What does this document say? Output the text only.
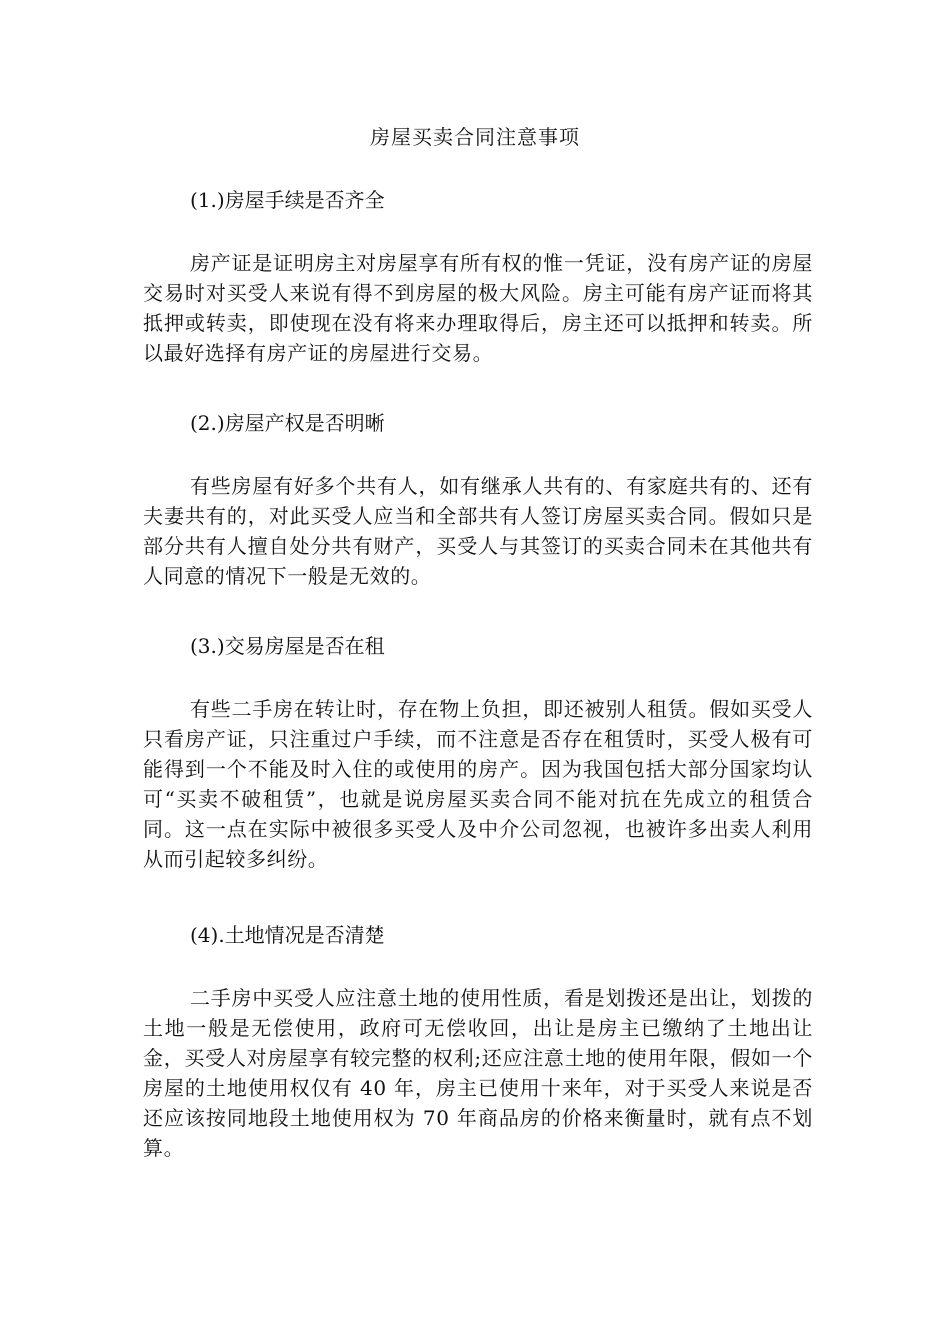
房屋买卖合同注意事项
(1.)房屋手续是否齐全
房产证是证明房主对房屋享有所有权的惟一凭证，没有房产证的房屋交易时对买受人来说有得不到房屋的极大风险。房主可能有房产证而将其抵押或转卖，即使现在没有将来办理取得后，房主还可以抵押和转卖。所以最好选择有房产证的房屋进行交易。
(2.)房屋产权是否明晰
有些房屋有好多个共有人，如有继承人共有的、有家庭共有的、还有夫妻共有的，对此买受人应当和全部共有人签订房屋买卖合同。假如只是部分共有人擅自处分共有财产，买受人与其签订的买卖合同未在其他共有人同意的情况下一般是无效的。
(3.)交易房屋是否在租
有些二手房在转让时，存在物上负担，即还被别人租赁。假如买受人只看房产证，只注重过户手续，而不注意是否存在租赁时，买受人极有可能得到一个不能及时入住的或使用的房产。因为我国包括大部分国家均认可“买卖不破租赁”，也就是说房屋买卖合同不能对抗在先成立的租赁合同。这一点在实际中被很多买受人及中介公司忽视，也被许多出卖人利用从而引起较多纠纷。
(4).土地情况是否清楚
二手房中买受人应注意土地的使用性质，看是划拨还是出让，划拨的土地一般是无偿使用，政府可无偿收回，出让是房主已缴纳了土地出让金，买受人对房屋享有较完整的权利;还应注意土地的使用年限，假如一个房屋的土地使用权仅有 40 年，房主已使用十来年，对于买受人来说是否还应该按同地段土地使用权为 70 年商品房的价格来衡量时，就有点不划算。
